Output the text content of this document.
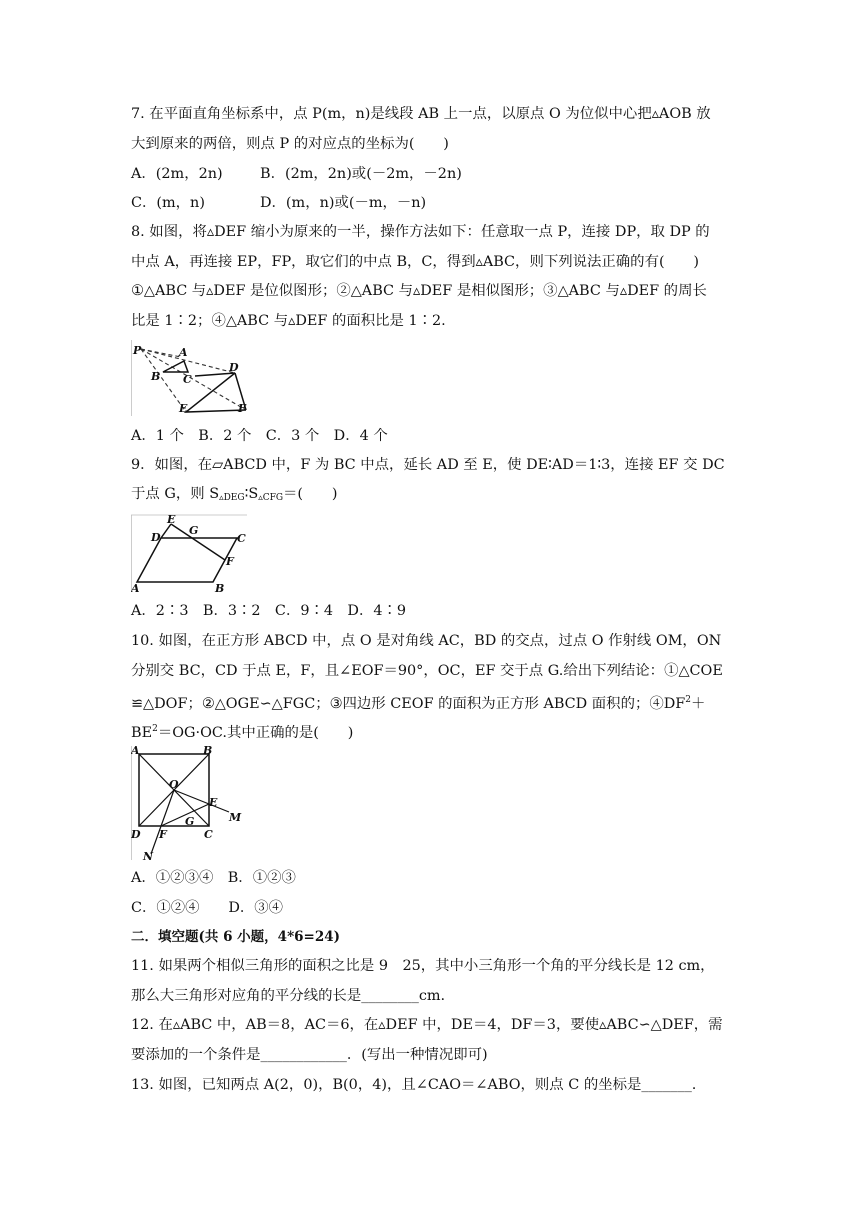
7. 在平面直角坐标系中，点 P(m，n)是线段 AB 上一点，以原点 O 为位似中心把▵AOB 放
大到原来的两倍，则点 P 的对应点的坐标为(　　)
A．(2m，2n)	B．(2m，2n)或(－2m，－2n)
C．(m，n)	D．(m，n)或(－m，－n)
8. 如图，将▵DEF 缩小为原来的一半，操作方法如下：任意取一点 P，连接 DP，取 DP 的
中点 A，再连接 EP，FP，取它们的中点 B，C，得到▵ABC，则下列说法正确的有(　　)
①△ABC 与▵DEF 是位似图形；②△ABC 与▵DEF 是相似图形；③△ABC 与▵DEF 的周长
比是 1∶2；④△ABC 与▵DEF 的面积比是 1∶2.
P	A
B C
D
E	F
A．1 个　B．2 个　C．3 个　D．4 个
9．如图，在▱ABCD 中，F 为 BC 中点，延长 AD 至 E，使 DE∶AD＝1∶3，连接 EF 交 DC
于点 G，则 $S_{▵DEG}∶S_{▵CFG}=$(　　)
E
D
G
C
F
B
A
A．2∶3　B．3∶2　C．9∶4　D．4∶9
10. 如图，在正方形 ABCD 中，点 O 是对角线 AC，BD 的交点，过点 O 作射线 OM，ON
分别交 BC，CD 于点 E，F，且∠EOF＝90°，OC，EF 交于点 G.给出下列结论：①△COE
≌△DOF；②△OGE∽△FGC；③四边形 CEOF 的面积为正方形 ABCD 面积的；$④DF^2+$
$BE^2=OG\cdot OC$.其中正确的是(　　)
A	B
O
E
M
G
D F	C
N
A．①②③④　B．①②③
C．①②④　　D．③④
二．填空题(共 6 小题，4*6=24)
11. 如果两个相似三角形的面积之比是 9　25，其中小三角形一个角的平分线长是 12 cm，
那么大三角形对应角的平分线的长是________cm.
12. 在▵ABC 中，AB＝8，AC＝6，在▵DEF 中，DE＝4，DF＝3，要使▵ABC∽△DEF，需
要添加的一个条件是____________．(写出一种情况即可)
13. 如图，已知两点 A(2，0)，B(0，4)，且∠CAO＝∠ABO，则点 C 的坐标是_______.
